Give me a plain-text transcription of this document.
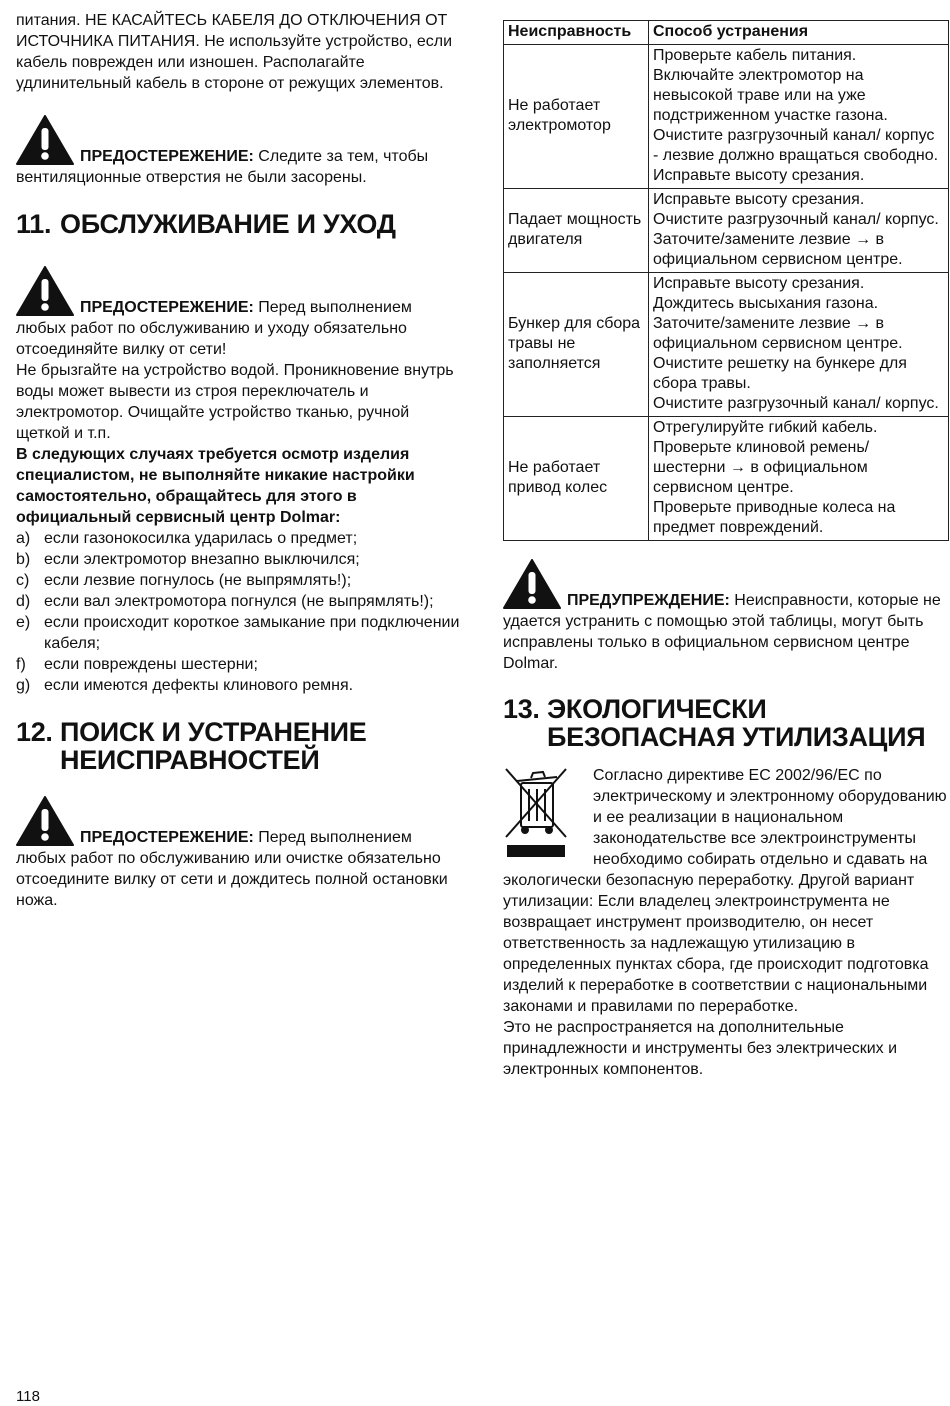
питания. НЕ КАСАЙТЕСЬ КАБЕЛЯ ДО ОТКЛЮЧЕНИЯ ОТ ИСТОЧНИКА ПИТАНИЯ. Не используйте устройство, если кабель поврежден или изношен. Располагайте удлинительный кабель в стороне от режущих элементов.

ПРЕДОСТЕРЕЖЕНИЕ: Следите за тем, чтобы вентиляционные отверстия не были засорены.
11. ОБСЛУЖИВАНИЕ И УХОД
ПРЕДОСТЕРЕЖЕНИЕ: Перед выполнением любых работ по обслуживанию и уходу обязательно отсоединяйте вилку от сети!

Не брызгайте на устройство водой. Проникновение внутрь воды может вывести из строя переключатель и электромотор. Очищайте устройство тканью, ручной щеткой и т.п.

В следующих случаях требуется осмотр изделия специалистом, не выполняйте никакие настройки самостоятельно, обращайтесь для этого в официальный сервисный центр Dolmar:

a) если газонокосилка ударилась о предмет;
b) если электромотор внезапно выключился;
c) если лезвие погнулось (не выпрямлять!);
d) если вал электромотора погнулся (не выпрямлять!);
e) если происходит короткое замыкание при подключении кабеля;
f)	если повреждены шестерни;
g) если имеются дефекты клинового ремня.
12. ПОИСК И УСТРАНЕНИЕ
НЕИСПРАВНОСТЕЙ
ПРЕДОСТЕРЕЖЕНИЕ: Перед выполнением любых работ по обслуживанию или очистке обязательно отсоедините вилку от сети и дождитесь полной остановки ножа.
Неисправность	Способ устранения
Не работает электромотор	Проверьте кабель питания.
Включайте электромотор на невысокой траве или на уже подстриженном участке газона.
Очистите разгрузочный канал/ корпус - лезвие должно вращаться свободно.
Исправьте высоту срезания.

Падает мощность двигателя	Исправьте высоту срезания.
Очистите разгрузочный канал/ корпус.
Заточите/замените лезвие → в официальном сервисном центре.

Бункер для сбора травы не заполняется	Исправьте высоту срезания.
Дождитесь высыхания газона.
Заточите/замените лезвие → в официальном сервисном центре.
Очистите решетку на бункере для сбора травы.
Очистите разгрузочный канал/ корпус.

Не работает привод колес	Отрегулируйте гибкий кабель.
Проверьте клиновой ремень/ шестерни → в официальном сервисном центре.
Проверьте приводные колеса на предмет повреждений.
ПРЕДУПРЕЖДЕНИЕ: Неисправности, которые не удается устранить с помощью этой таблицы, могут быть исправлены только в официальном сервисном центре Dolmar.
13. ЭКОЛОГИЧЕСКИ
БЕЗОПАСНАЯ УТИЛИЗАЦИЯ

Согласно директиве ЕС 2002/96/ЕС по электрическому и электронному оборудованию и ее реализации в национальном законодательстве все электроинструменты необходимо собирать отдельно и сдавать на экологически безопасную переработку. Другой вариант утилизации: Если владелец электроинструмента не возвращает инструмент производителю, он несет ответственность за надлежащую утилизацию в определенных пунктах сбора, где происходит подготовка изделий к переработке в соответствии с национальными законами и правилами по переработке.

Это не распространяется на дополнительные принадлежности и инструменты без электрических и электронных компонентов.

118
